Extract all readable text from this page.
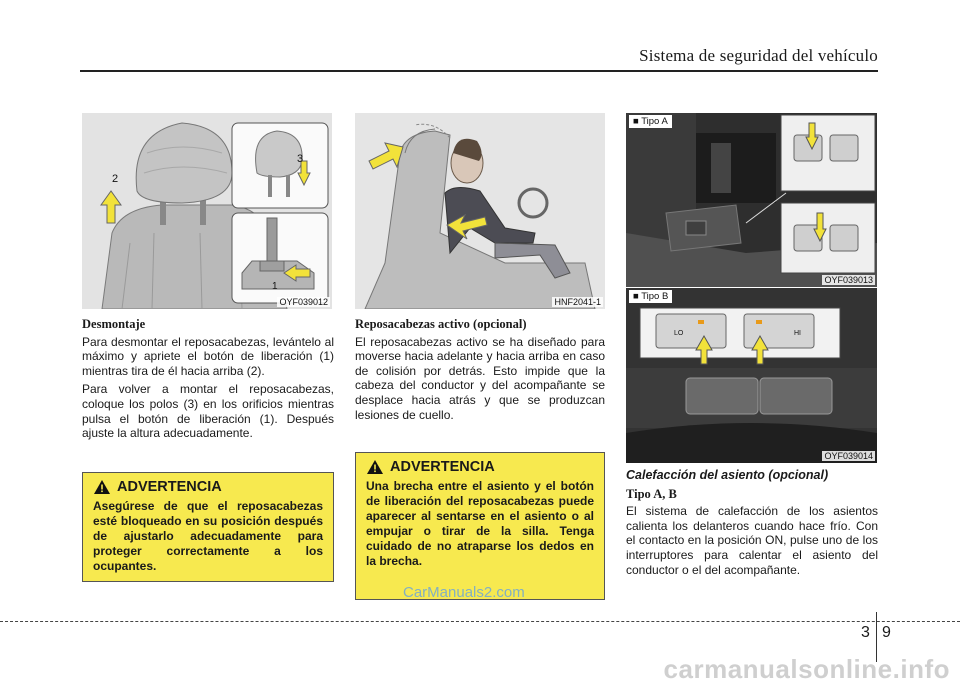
Sistema de seguridad del vehículo
1
2
3
OYF039012	HNF2041-1
■ Tipo A
OYF039013
LO	HI
■ Tipo B
OYF039014
Desmontaje

Para desmontar el reposacabezas, levántelo al máximo y apriete el botón de liberación (1) mientras tira de él hacia arriba (2).

Para volver a montar el reposacabezas, coloque los polos (3) en los orificios mientras pulsa el botón de liberación (1). Después ajuste la altura adecuadamente.

ADVERTENCIA
Asegúrese de que el reposacabezas esté bloqueado en su posición después de ajustarlo adecuadamente para proteger correctamente a los ocupantes.
Reposacabezas activo (opcional)

El reposacabezas activo se ha diseñado para moverse hacia adelante y hacia arriba en caso de colisión por detrás. Esto impide que la cabeza del conductor y del acompañante se desplace hacia atrás y que se produzcan lesiones de cuello.

ADVERTENCIA
Una brecha entre el asiento y el botón de liberación del reposacabezas puede aparecer al sentarse en el asiento o al empujar o tirar de la silla. Tenga cuidado de no atraparse los dedos en la brecha.
CarManuals2.com
Calefacción del asiento (opcional)
Tipo A, B

El sistema de calefacción de los asientos calienta los delanteros cuando hace frío. Con el contacto en la posición ON, pulse uno de los interruptores para calentar el asiento del conductor o el del acompañante.

3 9
carmanualsonline.info
